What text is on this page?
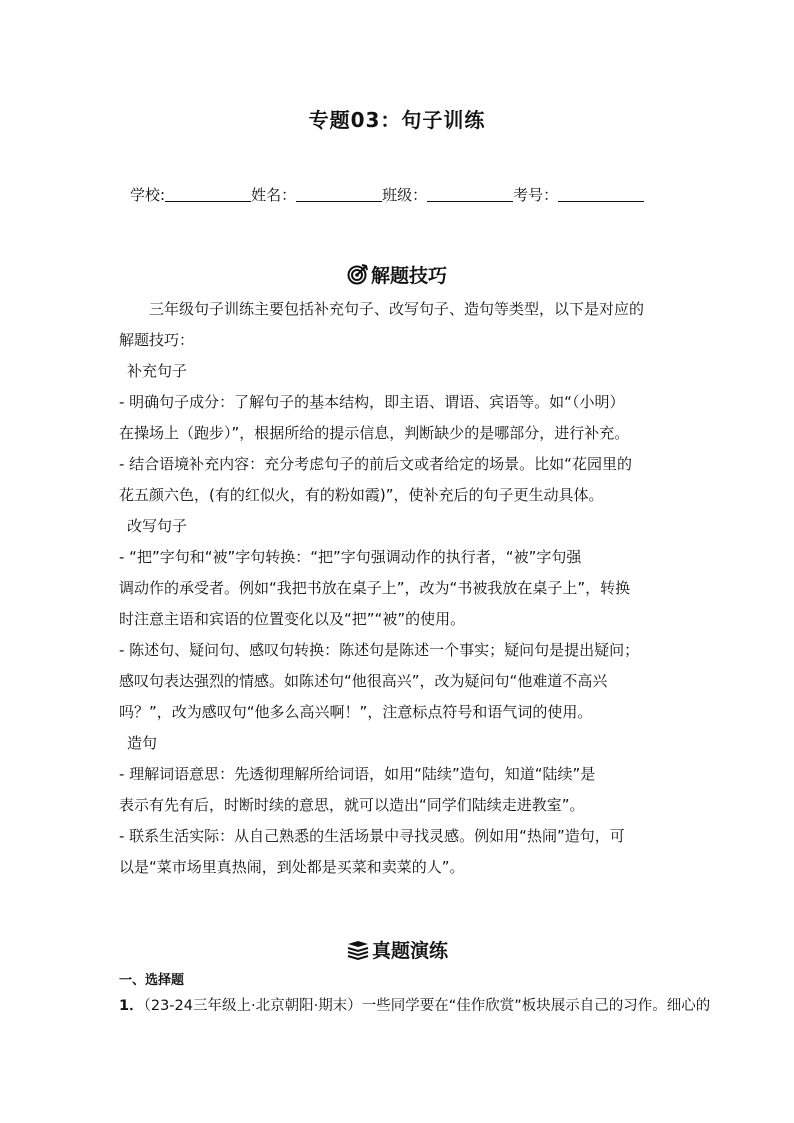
专题03：句子训练
学校:	姓名：	班级：	考号：
解题技巧

三年级句子训练主要包括补充句子、改写句子、造句等类型，以下是对应的

解题技巧：

补充句子

- 明确句子成分：了解句子的基本结构，即主语、谓语、宾语等。如“（小明）

在操场上（跑步）”，根据所给的提示信息，判断缺少的是哪部分，进行补充。

- 结合语境补充内容：充分考虑句子的前后文或者给定的场景。比如“花园里的

花五颜六色，(有的红似火，有的粉如霞)”，使补充后的句子更生动具体。

改写句子

- “把”字句和“被”字句转换：“把”字句强调动作的执行者，“被”字句强

调动作的承受者。例如“我把书放在桌子上”，改为“书被我放在桌子上”，转换

时注意主语和宾语的位置变化以及“把”“被”的使用。

- 陈述句、疑问句、感叹句转换：陈述句是陈述一个事实；疑问句是提出疑问；

感叹句表达强烈的情感。如陈述句“他很高兴”，改为疑问句“他难道不高兴

吗？”，改为感叹句“他多么高兴啊！”，注意标点符号和语气词的使用。

造句

- 理解词语意思：先透彻理解所给词语，如用“陆续”造句，知道“陆续”是

表示有先有后，时断时续的意思，就可以造出“同学们陆续走进教室”。

- 联系生活实际：从自己熟悉的生活场景中寻找灵感。例如用“热闹”造句，可

以是“菜市场里真热闹，到处都是买菜和卖菜的人”。

真题演练
一、选择题
1．（23-24三年级上·北京朝阳·期末）一些同学要在“佳作欣赏”板块展示自己的习作。细心的
